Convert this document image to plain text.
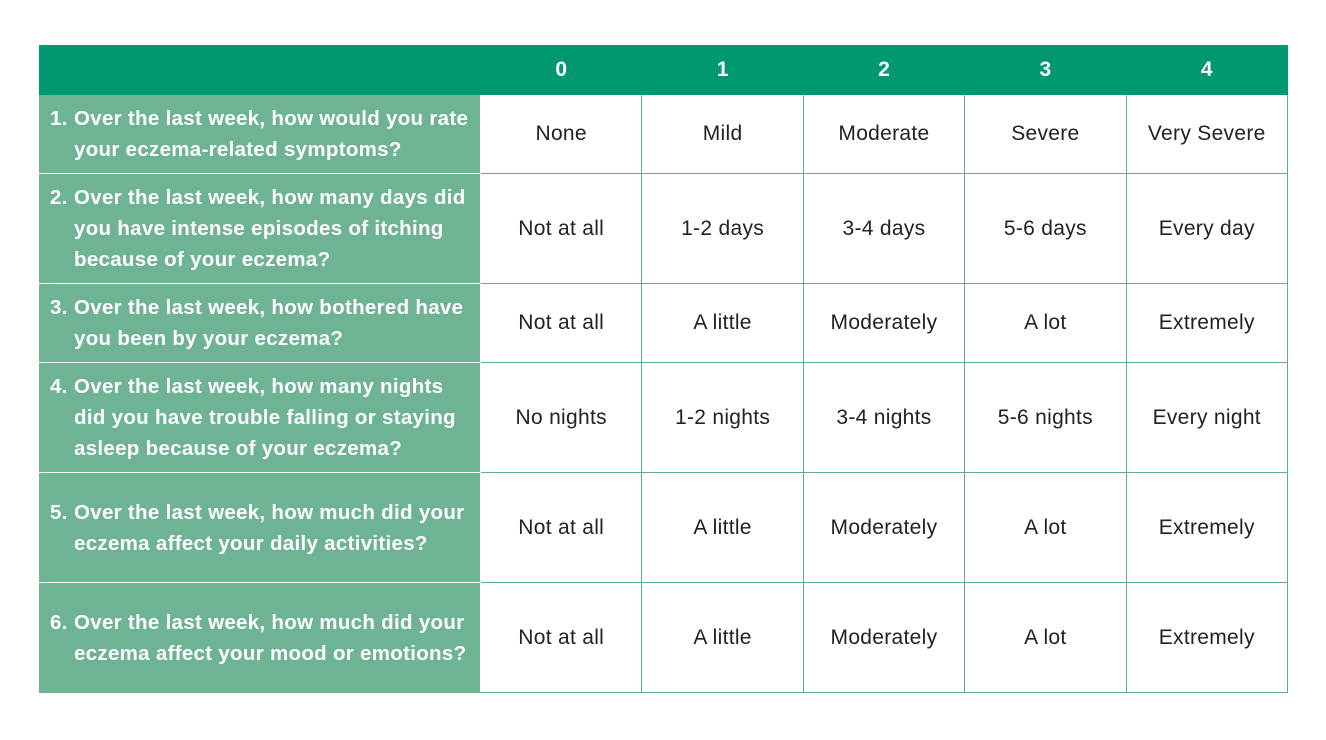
	0	1	2	3	4

1. Over the last week, how would you rate your eczema-related symptoms?	None	Mild	Moderate	Severe	Very Severe

2. Over the last week, how many days did you have intense episodes of itching because of your eczema?	Not at all	1-2 days	3-4 days	5-6 days	Every day

3. Over the last week, how bothered have you been by your eczema?	Not at all	A little	Moderately	A lot	Extremely

4. Over the last week, how many nights did you have trouble falling or staying asleep because of your eczema?	No nights	1-2 nights	3-4 nights	5-6 nights	Every night

5. Over the last week, how much did your eczema affect your daily activities?	Not at all	A little	Moderately	A lot	Extremely

6. Over the last week, how much did your eczema affect your mood or emotions?	Not at all	A little	Moderately	A lot	Extremely
